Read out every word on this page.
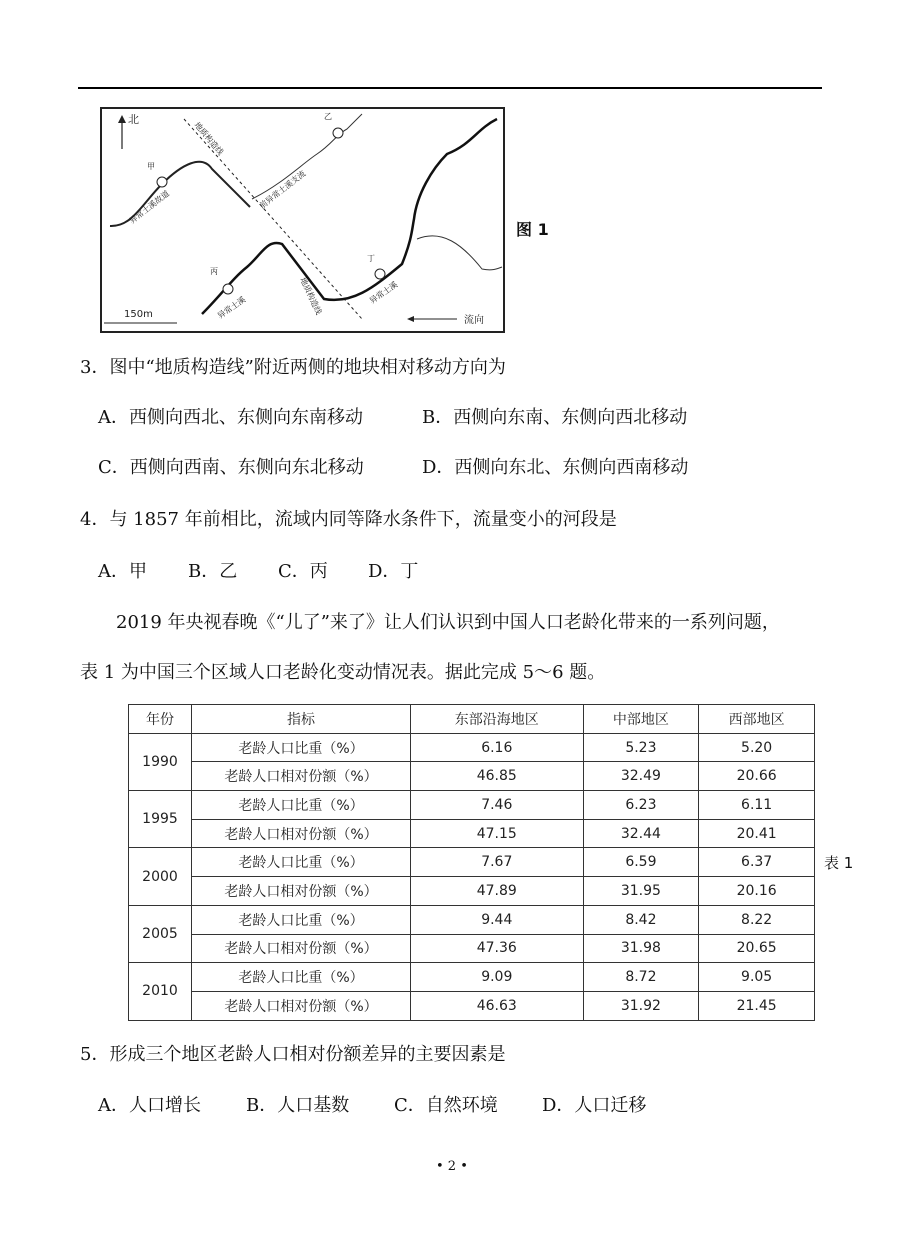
北
地质构造线
地质构造线
甲
乙
丙
丁
异常土溪故道	前异常土溪支流
异常土溪
异常土溪
150m
流向
图 1
3．图中“地质构造线”附近两侧的地块相对移动方向为
A．西侧向西北、东侧向东南移动	B．西侧向东南、东侧向西北移动
C．西侧向西南、东侧向东北移动	D．西侧向东北、东侧向西南移动
4．与 1857 年前相比，流域内同等降水条件下，流量变小的河段是
A．甲 B．乙 C．丙 D．丁
2019 年央视春晚《“儿了”来了》让人们认识到中国人口老龄化带来的一系列问题，
表 1 为中国三个区域人口老龄化变动情况表。据此完成 5～6 题。
年份	指标	东部沿海地区	中部地区	西部地区
1990	老龄人口比重（%）	6.16	5.23	5.20
	老龄人口相对份额（%）	46.85	32.49	20.66
1995	老龄人口比重（%）	7.46	6.23	6.11
	老龄人口相对份额（%）	47.15	32.44	20.41
2000	老龄人口比重（%）	7.67	6.59	6.37
	老龄人口相对份额（%）	47.89	31.95	20.16
2005	老龄人口比重（%）	9.44	8.42	8.22
	老龄人口相对份额（%）	47.36	31.98	20.65
2010	老龄人口比重（%）	9.09	8.72	9.05
	老龄人口相对份额（%）	46.63	31.92	21.45
表 1
5．形成三个地区老龄人口相对份额差异的主要因素是
A．人口增长	B．人口基数 C．自然环境 D．人口迁移
• 2 •
